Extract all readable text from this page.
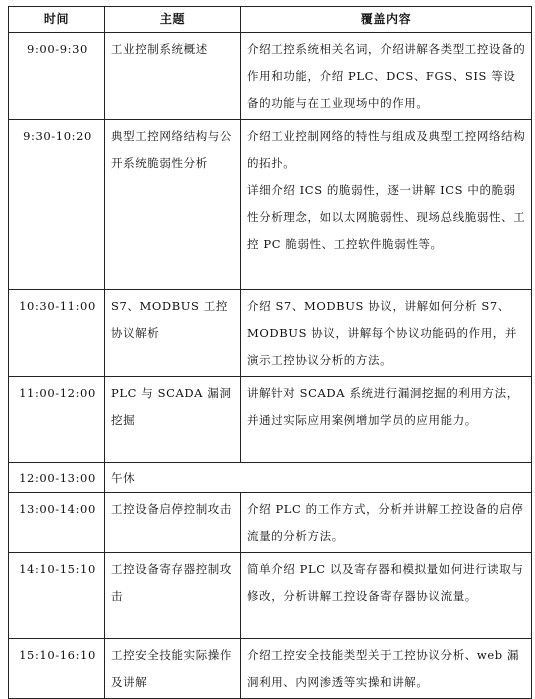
时间	主题	覆盖内容
9:00-9:30	工业控制系统概述	介绍工控系统相关名词，介绍讲解各类型工控设备的作用和功能，介绍 PLC、DCS、FGS、SIS 等设备的功能与在工业现场中的作用。

9:30-10:20	典型工控网络结构与公开系统脆弱性分析	介绍工业控制网络的特性与组成及典型工控网络结构的拓扑。
详细介绍 ICS 的脆弱性，逐一讲解 ICS 中的脆弱性分析理念，如以太网脆弱性、现场总线脆弱性、工控 PC 脆弱性、工控软件脆弱性等。

10:30-11:00	S7、MODBUS 工控协议解析	介绍 S7、MODBUS 协议，讲解如何分析 S7、MODBUS 协议，讲解每个协议功能码的作用，并演示工控协议分析的方法。

11:00-12:00	PLC 与 SCADA 漏洞挖掘	讲解针对 SCADA 系统进行漏洞挖掘的利用方法，并通过实际应用案例增加学员的应用能力。

12:00-13:00	午休	
13:00-14:00	工控设备启停控制攻击	介绍 PLC 的工作方式，分析并讲解工控设备的启停流量的分析方法。

14:10-15:10	工控设备寄存器控制攻击	简单介绍 PLC 以及寄存器和模拟量如何进行读取与修改，分析讲解工控设备寄存器协议流量。

15:10-16:10	工控安全技能实际操作及讲解	介绍工控安全技能类型关于工控协议分析、web 漏洞利用、内网渗透等实操和讲解。
